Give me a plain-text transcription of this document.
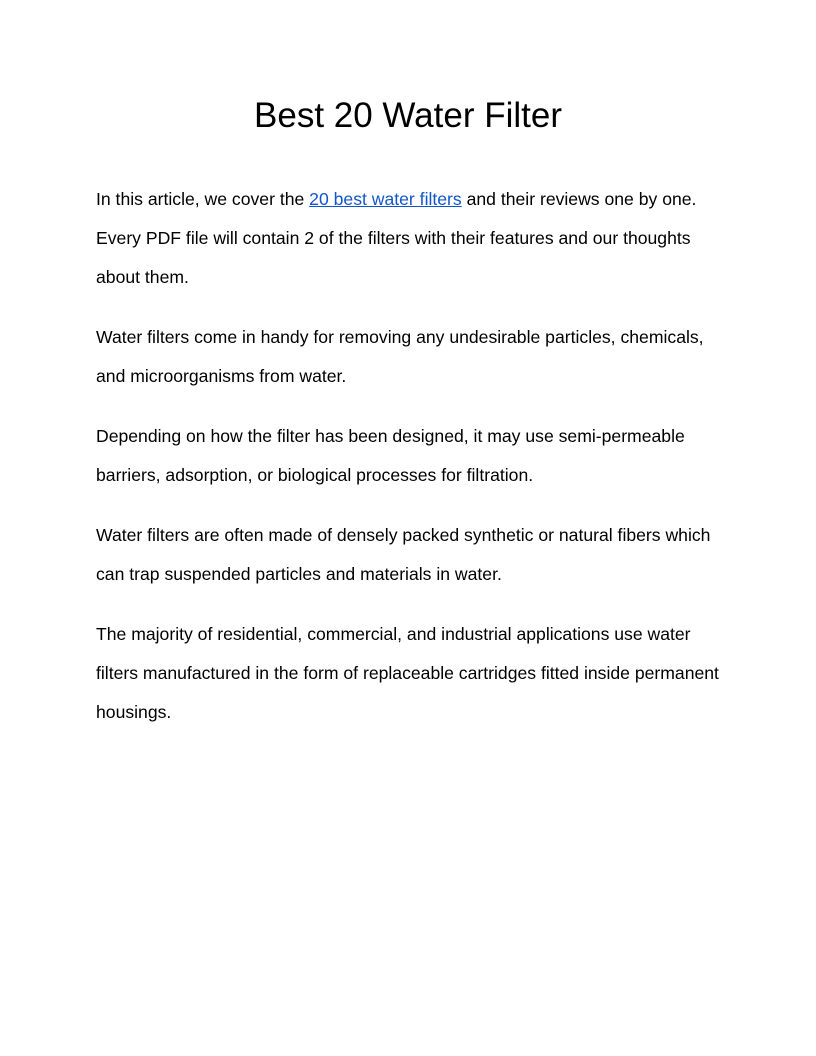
Best 20 Water Filter

In this article, we cover the 20 best water filters and their reviews one by one. Every PDF file will contain 2 of the filters with their features and our thoughts about them.

Water filters come in handy for removing any undesirable particles, chemicals, and microorganisms from water.

Depending on how the filter has been designed, it may use semi-permeable barriers, adsorption, or biological processes for filtration.

Water filters are often made of densely packed synthetic or natural fibers which can trap suspended particles and materials in water.

The majority of residential, commercial, and industrial applications use water filters manufactured in the form of replaceable cartridges fitted inside permanent housings.
